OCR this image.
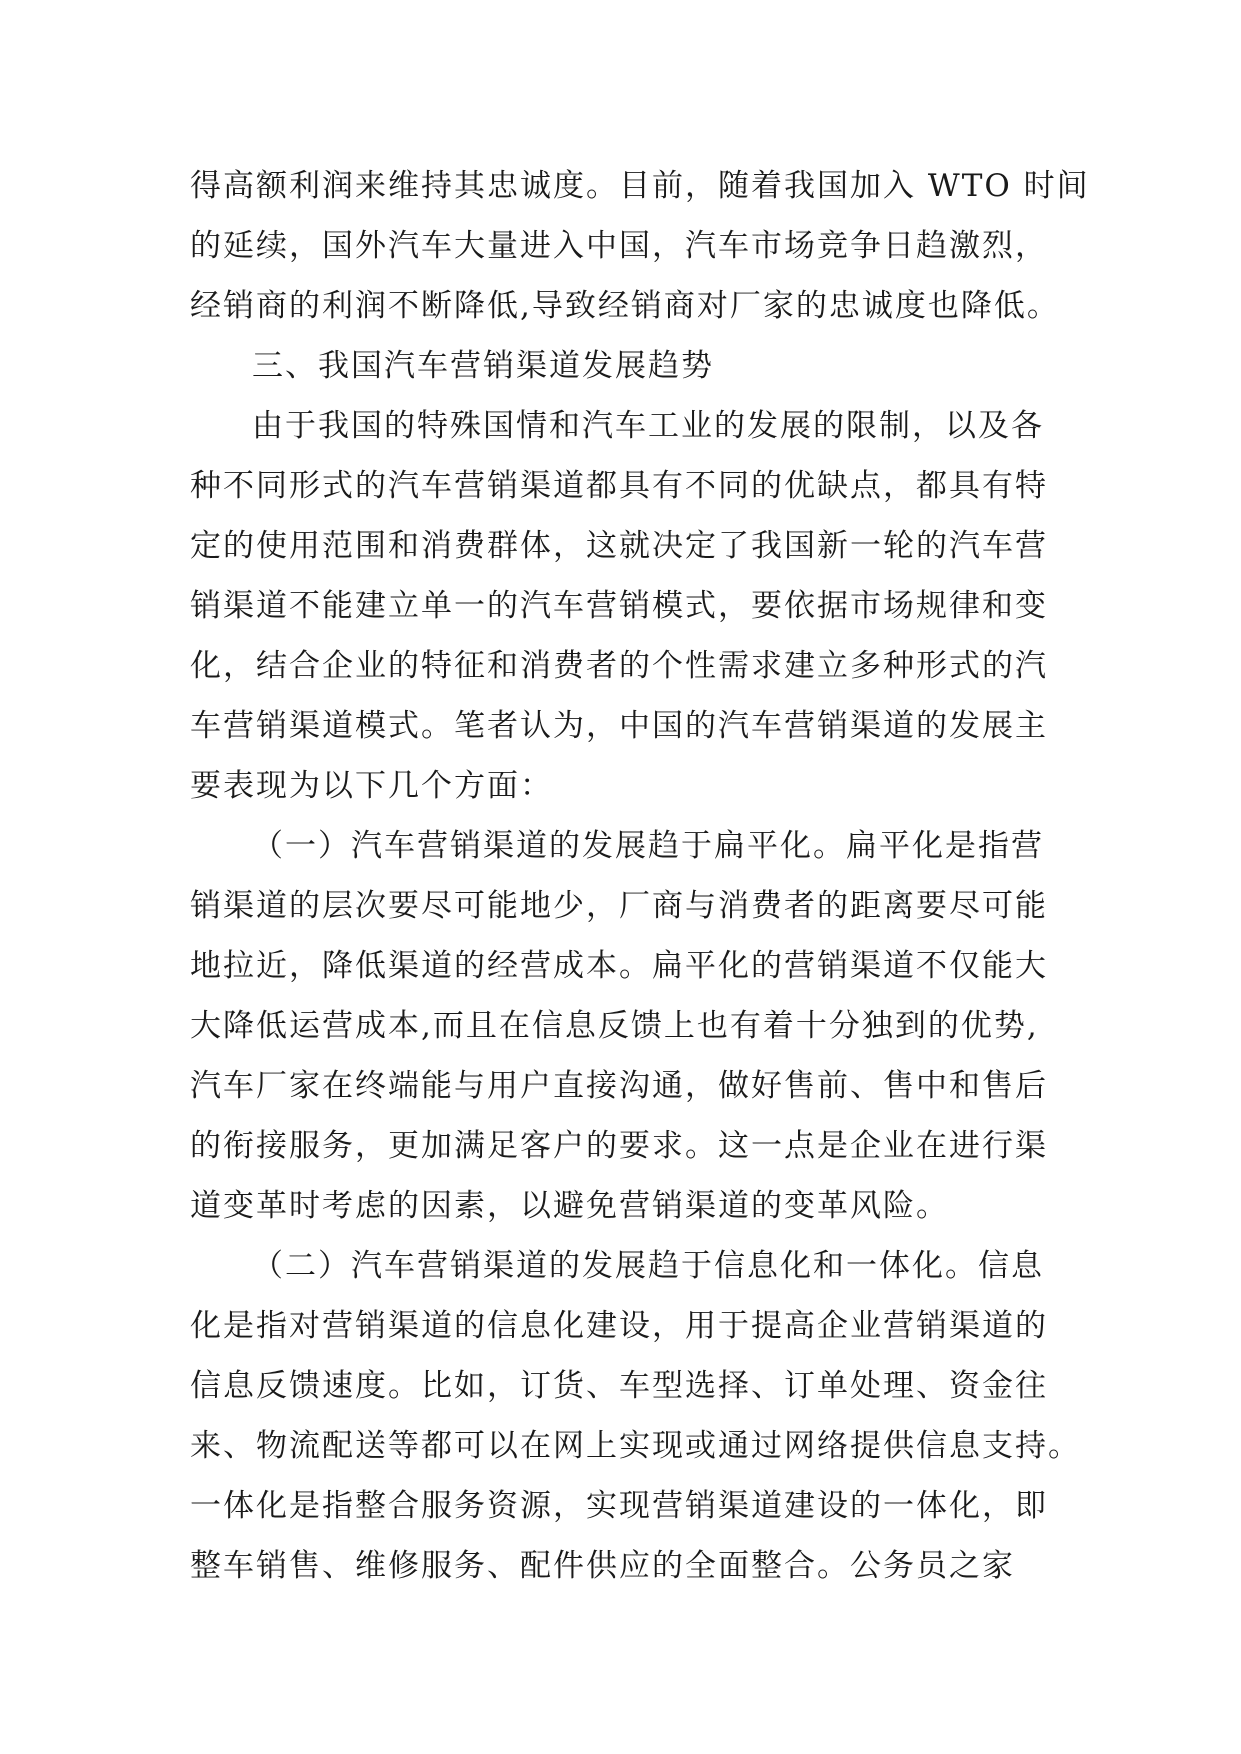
得高额利润来维持其忠诚度。目前，随着我国加入 WTO 时间
的延续，国外汽车大量进入中国，汽车市场竞争日趋激烈，
经销商的利润不断降低,导致经销商对厂家的忠诚度也降低。
三、我国汽车营销渠道发展趋势
由于我国的特殊国情和汽车工业的发展的限制，以及各
种不同形式的汽车营销渠道都具有不同的优缺点，都具有特
定的使用范围和消费群体，这就决定了我国新一轮的汽车营
销渠道不能建立单一的汽车营销模式，要依据市场规律和变
化，结合企业的特征和消费者的个性需求建立多种形式的汽
车营销渠道模式。笔者认为，中国的汽车营销渠道的发展主
要表现为以下几个方面：
（一）汽车营销渠道的发展趋于扁平化。扁平化是指营
销渠道的层次要尽可能地少，厂商与消费者的距离要尽可能
地拉近，降低渠道的经营成本。扁平化的营销渠道不仅能大
大降低运营成本,而且在信息反馈上也有着十分独到的优势,
汽车厂家在终端能与用户直接沟通，做好售前、售中和售后
的衔接服务，更加满足客户的要求。这一点是企业在进行渠
道变革时考虑的因素，以避免营销渠道的变革风险。
（二）汽车营销渠道的发展趋于信息化和一体化。信息
化是指对营销渠道的信息化建设，用于提高企业营销渠道的
信息反馈速度。比如，订货、车型选择、订单处理、资金往
来、物流配送等都可以在网上实现或通过网络提供信息支持。
一体化是指整合服务资源，实现营销渠道建设的一体化，即
整车销售、维修服务、配件供应的全面整合。公务员之家
